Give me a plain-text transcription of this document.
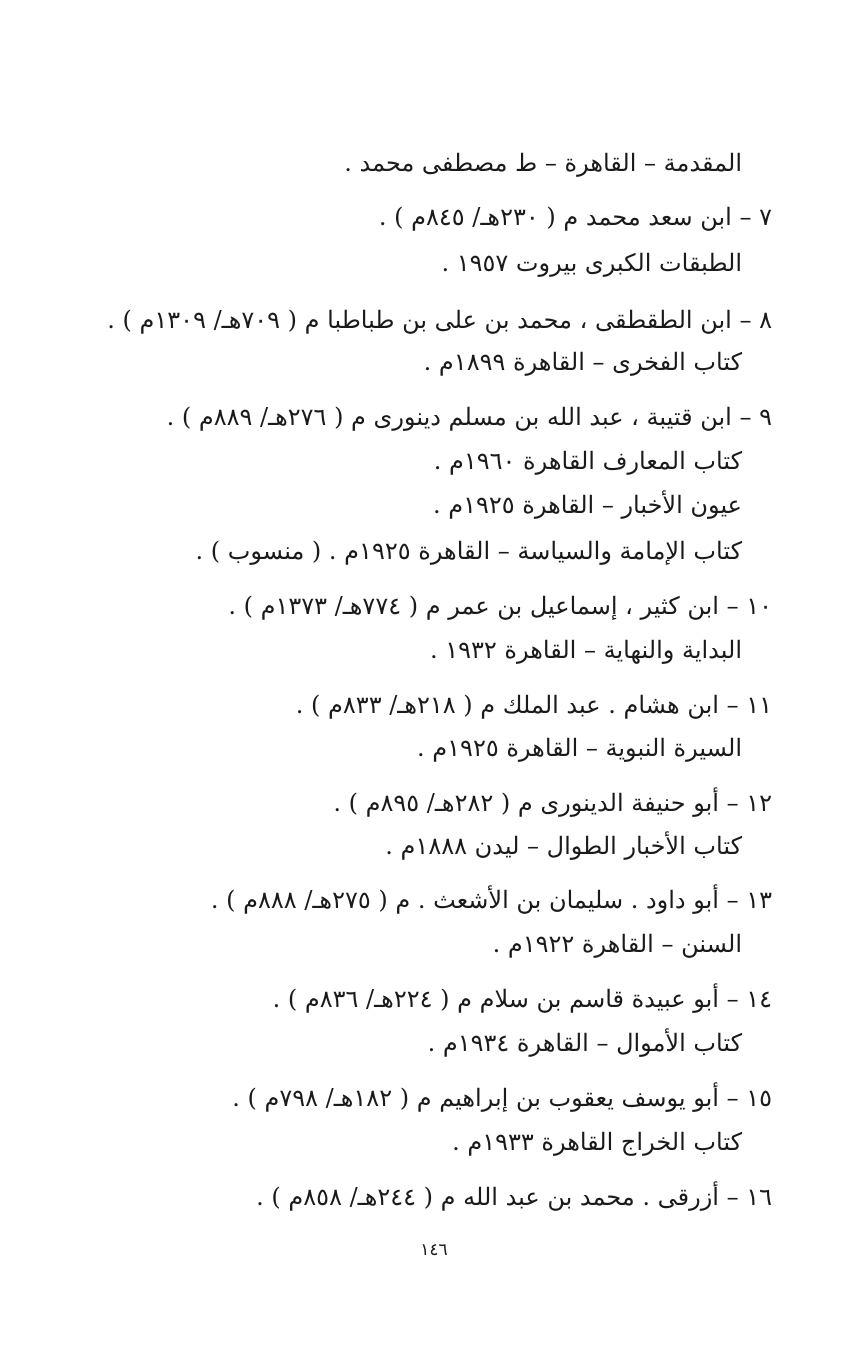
المقدمة – القاهرة – ط مصطفى محمد .
٧ – ابن سعد محمد م ( ٢٣٠هـ/ ٨٤٥م ) .
الطبقات الكبرى بيروت ١٩٥٧ .
٨ – ابن الطقطقى ، محمد بن على بن طباطبا م ( ٧٠٩هـ/ ١٣٠٩م ) .
كتاب الفخرى – القاهرة ١٨٩٩م .
٩ – ابن قتيبة ، عبد الله بن مسلم دينورى م ( ٢٧٦هـ/ ٨٨٩م ) .
كتاب المعارف القاهرة ١٩٦٠م .
عيون الأخبار – القاهرة ١٩٢٥م .
كتاب الإمامة والسياسة – القاهرة ١٩٢٥م . ( منسوب ) .
١٠ – ابن كثير ، إسماعيل بن عمر م ( ٧٧٤هـ/ ١٣٧٣م ) .
البداية والنهاية – القاهرة ١٩٣٢ .
١١ – ابن هشام . عبد الملك م ( ٢١٨هـ/ ٨٣٣م ) .
السيرة النبوية – القاهرة ١٩٢٥م .
١٢ – أبو حنيفة الدينورى م ( ٢٨٢هـ/ ٨٩٥م ) .
كتاب الأخبار الطوال – ليدن ١٨٨٨م .
١٣ – أبو داود . سليمان بن الأشعث . م ( ٢٧٥هـ/ ٨٨٨م ) .
السنن – القاهرة ١٩٢٢م .
١٤ – أبو عبيدة قاسم بن سلام م ( ٢٢٤هـ/ ٨٣٦م ) .
كتاب الأموال – القاهرة ١٩٣٤م .
١٥ – أبو يوسف يعقوب بن إبراهيم م ( ١٨٢هـ/ ٧٩٨م ) .
كتاب الخراج القاهرة ١٩٣٣م .
١٦ – أزرقى . محمد بن عبد الله م ( ٢٤٤هـ/ ٨٥٨م ) .
١٤٦
